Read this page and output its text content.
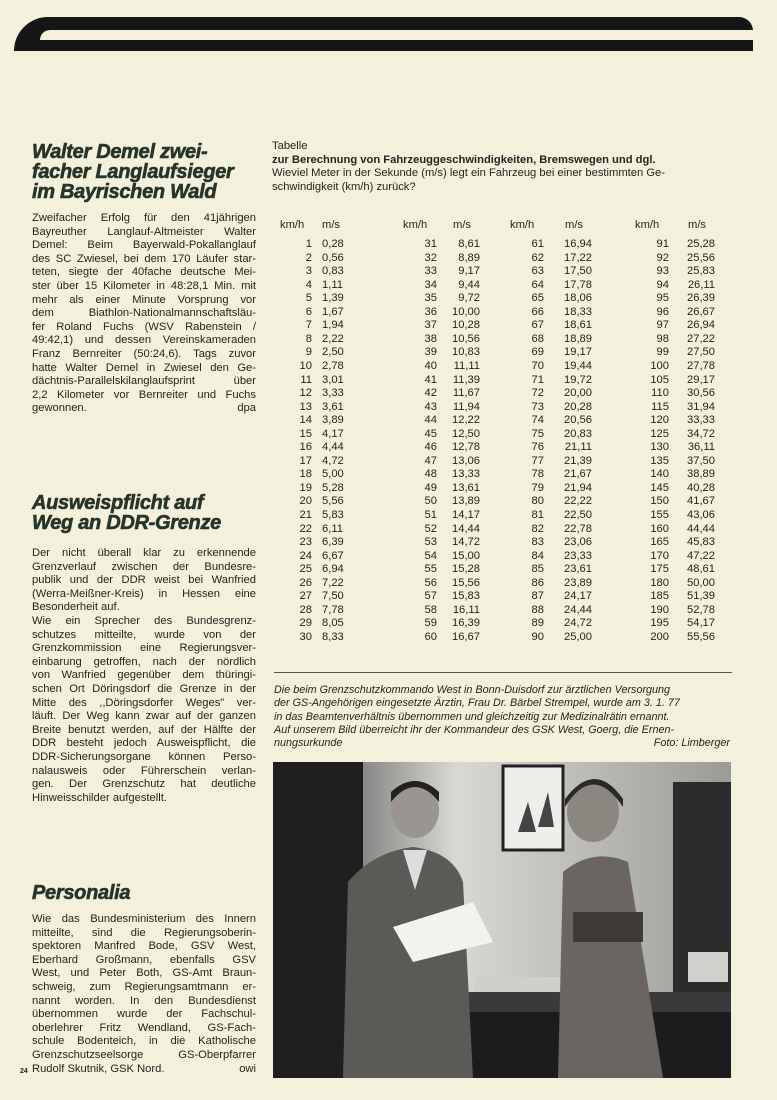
Walter Demel zwei-
facher Langlaufsieger
im Bayrischen Wald
Zweifacher Erfolg für den 41jährigen
Bayreuther Langlauf-Altmeister Walter
Demel: Beim Bayerwald-Pokallanglauf
des SC Zwiesel, bei dem 170 Läufer star-
teten, siegte der 40fache deutsche Mei-
ster über 15 Kilometer in 48:28,1 Min. mit
mehr als einer Minute Vorsprung vor
dem Biathlon-Nationalmannschaftsläu-
fer Roland Fuchs (WSV Rabenstein /
49:42,1) und dessen Vereinskameraden
Franz Bernreiter (50:24,6). Tags zuvor
hatte Walter Demel in Zwiesel den Ge-
dächtnis-Parallelskilanglaufsprint über
2,2 Kilometer vor Bernreiter und Fuchs
gewonnen.	dpa
Ausweispflicht auf
Weg an DDR-Grenze
Der nicht überall klar zu erkennende
Grenzverlauf zwischen der Bundesre-
publik und der DDR weist bei Wanfried
(Werra-Meißner-Kreis) in Hessen eine
Besonderheit auf.
Wie ein Sprecher des Bundesgrenz-
schutzes mitteilte, wurde von der
Grenzkommission eine Regierungsver-
einbarung getroffen, nach der nördlich
von Wanfried gegenüber dem thüringi-
schen Ort Döringsdorf die Grenze in der
Mitte des ,,Döringsdorfer Weges" ver-
läuft. Der Weg kann zwar auf der ganzen
Breite benutzt werden, auf der Hälfte der
DDR besteht jedoch Ausweispflicht, die
DDR-Sicherungsorgane können Perso-
nalausweis oder Führerschein verlan-
gen. Der Grenzschutz hat deutliche
Hinweisschilder aufgestellt.
Personalia
Wie das Bundesministerium des Innern
mitteilte, sind die Regierungsoberin-
spektoren Manfred Bode, GSV West,
Eberhard Großmann, ebenfalls GSV
West, und Peter Both, GS-Amt Braun-
schweig, zum Regierungsamtmann er-
nannt worden. In den Bundesdienst
übernommen wurde der Fachschul-
oberlehrer Fritz Wendland, GS-Fach-
schule Bodenteich, in die Katholische
Grenzschutzseelsorge GS-Oberpfarrer
Rudolf Skutnik, GSK Nord.	owi
24
Tabelle
zur Berechnung von Fahrzeuggeschwindigkeiten, Bremswegen und dgl.
Wieviel Meter in der Sekunde (m/s) legt ein Fahrzeug bei einer bestimmten Ge-
schwindigkeit (km/h) zurück?
km/h m/s
1 0,28
2 0,56
3 0,83
4 1,11
5 1,39
6 1,67
7 1,94
8 2,22
9 2,50
10 2,78
11 3,01
12 3,33
13 3,61
14 3,89
15 4,17
16 4,44
17 4,72
18 5,00
19 5,28
20 5,56
21 5,83
22 6,11
23 6,39
24 6,67
25 6,94
26 7,22
27 7,50
28 7,78
29 8,05
30 8,33
km/h m/s
31 8,61
32 8,89
33 9,17
34 9,44
35 9,72
36 10,00
37 10,28
38 10,56
39 10,83
40 11,11
41 11,39
42 11,67
43 11,94
44 12,22
45 12,50
46 12,78
47 13,06
48 13,33
49 13,61
50 13,89
51 14,17
52 14,44
53 14,72
54 15,00
55 15,28
56 15,56
57 15,83
58 16,11
59 16,39
60 16,67
km/h	m/s
61 16,94
62 17,22
63 17,50
64 17,78
65 18,06
66 18,33
67 18,61
68 18,89
69 19,17
70 19,44
71 19,72
72 20,00
73 20,28
74 20,56
75 20,83
76 21,11
77 21,39
78 21,67
79 21,94
80 22,22
81 22,50
82 22,78
83 23,06
84 23,33
85 23,61
86 23,89
87 24,17
88 24,44
89 24,72
90 25,00
km/h	m/s
91 25,28
92 25,56
93 25,83
94 26,11
95 26,39
96 26,67
97 26,94
98 27,22
99 27,50
100 27,78
105 29,17
110 30,56
115 31,94
120 33,33
125 34,72
130 36,11
135 37,50
140 38,89
145 40,28
150 41,67
155 43,06
160 44,44
165 45,83
170 47,22
175 48,61
180 50,00
185 51,39
190 52,78
195 54,17
200 55,56
Die beim Grenzschutzkommando West in Bonn-Duisdorf zur ärztlichen Versorgung
der GS-Angehörigen eingesetzte Ärztin, Frau Dr. Bärbel Strempel, wurde am 3. 1. 77
in das Beamtenverhältnis übernommen und gleichzeitig zur Medizinalrätin ernannt.
Auf unserem Bild überreicht ihr der Kommandeur des GSK West, Goerg, die Ernen-
nungsurkunde	Foto: Limberger
